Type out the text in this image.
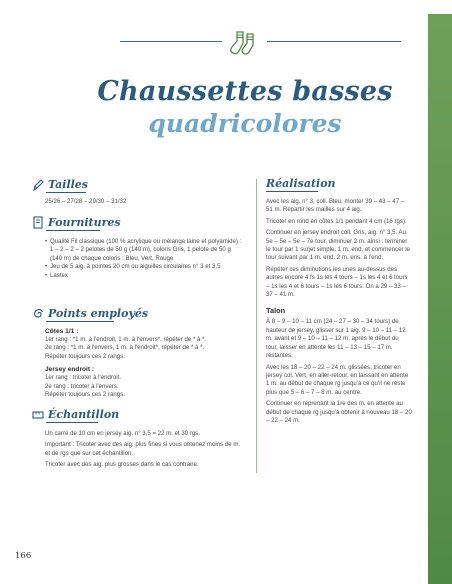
Chaussettes basses
quadricolores
Tailles
25/26 – 27/28 – 29/30 – 31/32
Fournitures
• Qualité Fil classique (100 % acrylique ou mélange laine et polyamide) : 1 – 2 – 2 – 2 pelotes de 50 g (140 m), coloris Gris, 1 pelote de 50 g (140 m) de chaque coloris : Bleu, Vert, Rouge
• Jeu de 5 aig. à pointes 20 cm ou aiguilles circulaires n° 3 et 3,5
• Lastex
Points employés
Côtes 1/1 :
1er rang : *1 m. à l'endroit, 1 m. à l'envers*, répéter de * à *.
2e rang : *1 m. à l'envers, 1 m. à l'endroit*, répéter de * à *.
Répéter toujours ces 2 rangs.
Jersey endroit :
1er rang : tricoter à l'endroit.
2e rang : tricoter à l'envers.
Répéter toujours ces 2 rangs.
Échantillon
Un carré de 10 cm en jersey aig. n° 3,5 = 22 m. et 30 rgs.
Important : Tricoter avec des aig. plus fines si vous obtenez moins de m. et de rgs que sur cet échantillon.
Tricoter avec des aig. plus grosses dans le cas contraire.
Réalisation
Avec les aig. n° 3, coll. Bleu, monter 39 – 43 – 47 – 51 m. Répartir les mailles sur 4 aig.
Tricoter en rond en côtes 1/1 pendant 4 cm (16 rgs).
Continuer en jersey endroit coll. Gris, aig. n° 3,5. Au 5e – 5e – 5e – 7e tour, diminuer 2 m. ainsi : terminer le tour par 1 surjet simple, 1 m. end, et commencer le tour suivant par 1 m. end, 2 m. ens. à l'end.
Répéter ces diminutions les unes au-dessus des autres encore 4 fs 1s les 4 tours – 1s les 4 et 6 tours – 1s les 4 et 6 tours – 1s les 6 tours. On a 29 – 33 – 37 – 41 m.
Talon
À 8 – 9 – 10 – 11 cm (24 – 27 – 30 – 34 tours) de hauteur de jersey, glisser sur 1 aig. 9 – 10 – 11 – 12 m. avant et 9 – 10 – 11 – 12 m. après le début du tour, laisser en attente les 11 – 13 – 15 – 17 m. restantes.
Avec les 18 – 20 – 22 – 24 m. glissées, tricoter en jersey col. Vert, en aller-retour, en laissant en attente 1 m. au début de chaque rg jusqu'à ce qu'il ne reste plus que 5 – 6 – 7 – 8 m. au centre.
Continuer en reprenant la 1re des m. en attente au début de chaque rg jusqu'à obtenir à nouveau 18 – 20 – 22 – 24 m.
166
